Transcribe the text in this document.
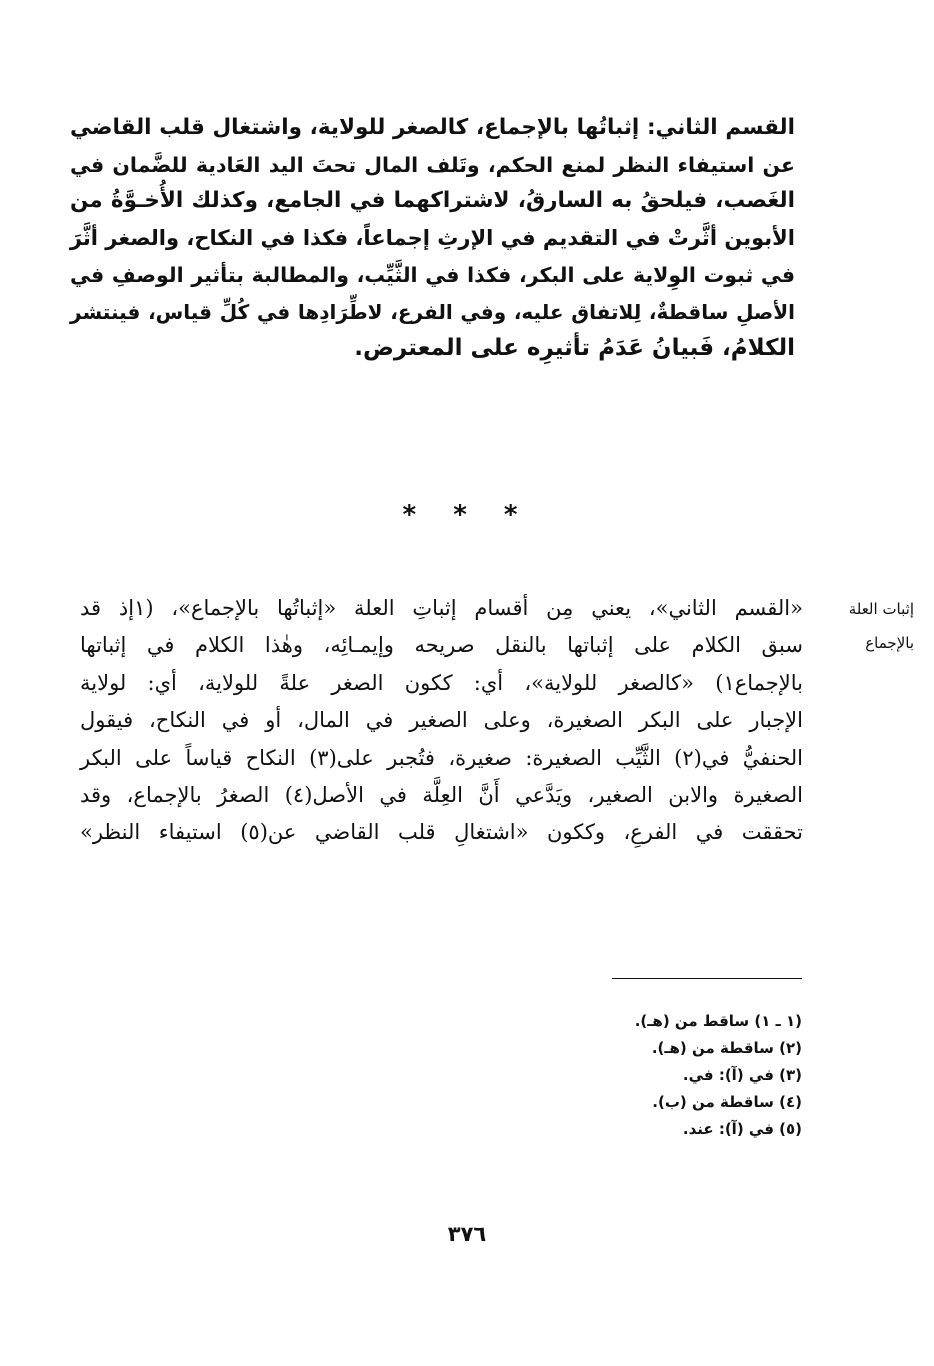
القسم الثاني: إثباتُها بالإجماع، كالصغر للولاية، واشتغال قلب القاضي
عن استيفاء النظر لمنع الحكم، وتَلف المال تحتَ اليد العَادية للضَّمان في
الغَصب، فيلحقُ به السارقُ، لاشتراكهما في الجامع، وكذلك الأُخـوَّةُ من
الأبوين أثَّرتْ في التقديم في الإرثِ إجماعاً، فكذا في النكاح، والصغر أثَّرَ
في ثبوت الوِلاية على البكر، فكذا في الثَّيِّب، والمطالبة بتأثير الوصفِ في
الأصلِ ساقطةٌ، لِلاتفاق عليه، وفي الفرع، لاطِّرَادِها في كُلِّ قياس، فينتشر
الكلامُ، فَبيانُ عَدَمُ تأثيرِه على المعترض.
* * *
إثبات العلة
بالإجماع
«القسم الثاني»، يعني مِن أقسام إثباتِ العلة «إثباتُها بالإجماع»، (١إذ قد
سبق الكلام على إثباتها بالنقل صريحه وإيمـائِه، وهٰذا الكلام في إثباتها
بالإجماع١) «كالصغر للولاية»، أي: ككون الصغر علةً للولاية، أي: لولاية
الإجبار على البكر الصغيرة، وعلى الصغير في المال، أو في النكاح، فيقول
الحنفيُّ في(٢) الثَّيِّب الصغيرة: صغيرة، فتُجبر على(٣) النكاح قياساً على البكر
الصغيرة والابن الصغير، ويَدَّعي أَنَّ العِلَّة في الأصل(٤) الصغرُ بالإجماع، وقد
تحققت في الفرعِ، وككون «اشتغالِ قلب القاضي عن(٥) استيفاء النظر»
(١ ـ ١) ساقط من (هـ).
(٢) ساقطة من (هـ).
(٣) في (آ): في.
(٤) ساقطة من (ب).
(٥) في (آ): عند.
٣٧٦
